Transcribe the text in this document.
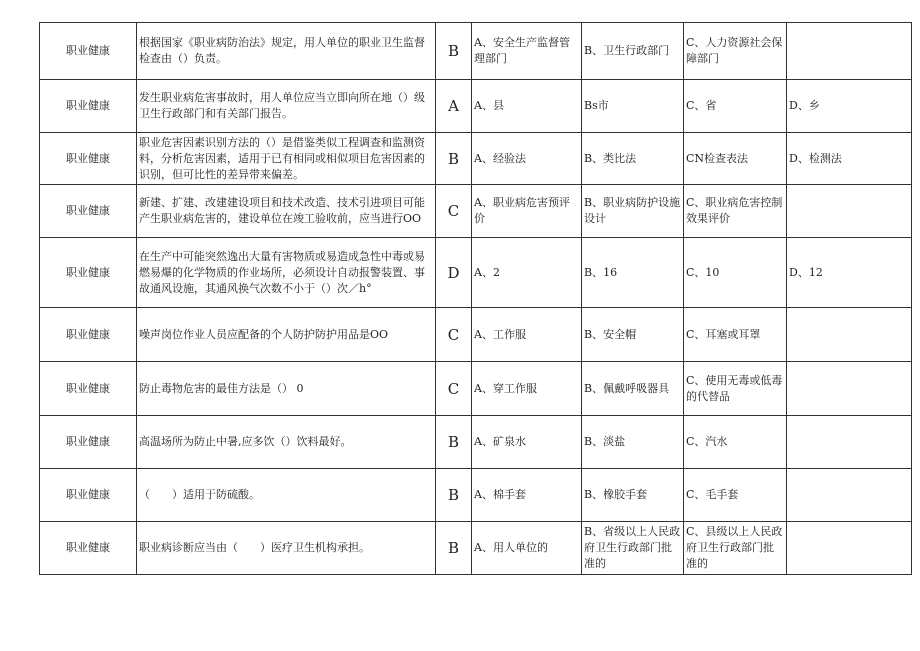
职业健康	根据国家《职业病防治法》规定，用人单位的职业卫生监督检查由（）负责。	B	A、安全生产监督管理部门	B、卫生行政部门	C、人力资源社会保障部门	
职业健康	发生职业病危害事故时，用人单位应当立即向所在地（）级卫生行政部门和有关部门报告。	A	A、县	Bs市	C、省	D、乡
职业健康	职业危害因素识别方法的（）是借鉴类似工程调查和监测资料，分析危害因素，适用于已有相同或相似项目危害因素的识别，但可比性的差异带来偏差。	B	A、经验法	B、类比法	CN检查表法	D、检测法
职业健康	新建、扩建、改建建设项目和技术改造、技术引进项目可能产生职业病危害的，建设单位在竣工验收前，应当进行OO	C	A、职业病危害预评价	B、职业病防护设施设计	C、职业病危害控制效果评价	
职业健康	在生产中可能突然逸出大量有害物质或易造成急性中毒或易燃易爆的化学物质的作业场所，必须设计自动报警装置、事故通风设施，其通风换气次数不小于（）次／h°	D	A、2	B、16	C、10	D、12
职业健康	噪声岗位作业人员应配备的个人防护防护用品是OO	C	A、工作服	B、安全帽	C、耳塞或耳罩	
职业健康	防止毒物危害的最佳方法是（） 0	C	A、穿工作服	B、佩戴呼吸器具	C、使用无毒或低毒的代替品	
职业健康	高温场所为防止中暑,应多饮（）饮料最好。	B	A、矿泉水	B、淡盐	C、汽水	
职业健康	（　　）适用于防硫酸。	B	A、棉手套	B、橡胶手套	C、毛手套	
职业健康	职业病诊断应当由（　　）医疗卫生机构承担。	B	A、用人单位的	B、省级以上人民政府卫生行政部门批准的	C、县级以上人民政府卫生行政部门批准的	
